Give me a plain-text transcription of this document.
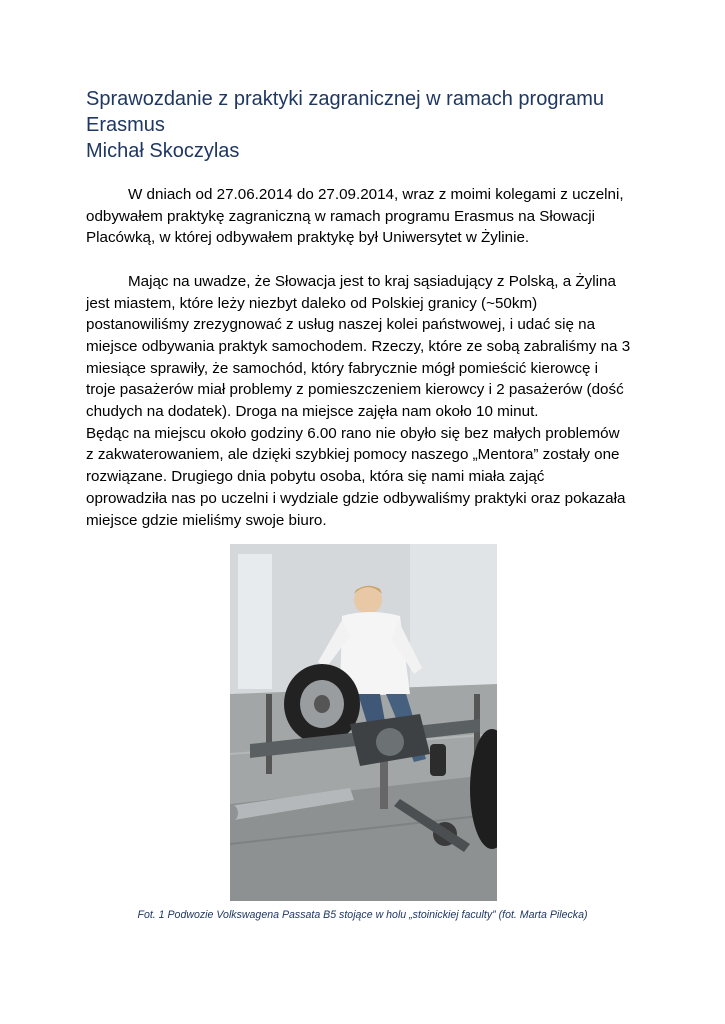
Sprawozdanie z praktyki zagranicznej w ramach programu
Erasmus
Michał Skoczylas

W dniach od 27.06.2014 do 27.09.2014, wraz z moimi kolegami z uczelni,

odbywałem praktykę zagraniczną w ramach programu Erasmus na Słowacji

Placówką, w której odbywałem praktykę był Uniwersytet w Żylinie.

Mając na uwadze, że Słowacja jest to kraj sąsiadujący z Polską, a Żylina

jest miastem, które leży niezbyt daleko od Polskiej granicy (~50km)

postanowiliśmy zrezygnować z usług naszej kolei państwowej, i udać się na

miejsce odbywania praktyk samochodem. Rzeczy, które ze sobą zabraliśmy na 3

miesiące sprawiły, że samochód, który fabrycznie mógł pomieścić kierowcę i

troje pasażerów miał problemy z pomieszczeniem kierowcy i 2 pasażerów (dość

chudych na dodatek). Droga na miejsce zajęła nam około 10 minut.

Będąc na miejscu około godziny 6.00 rano nie obyło się bez małych problemów

z zakwaterowaniem, ale dzięki szybkiej pomocy naszego „Mentora” zostały one

rozwiązane. Drugiego dnia pobytu osoba, która się nami miała zająć

oprowadziła nas po uczelni i wydziale gdzie odbywaliśmy praktyki oraz pokazała

miejsce gdzie mieliśmy swoje biuro.

Fot. 1 Podwozie Volkswagena Passata B5 stojące w holu „stoinickiej faculty” (fot. Marta Pilecka)
